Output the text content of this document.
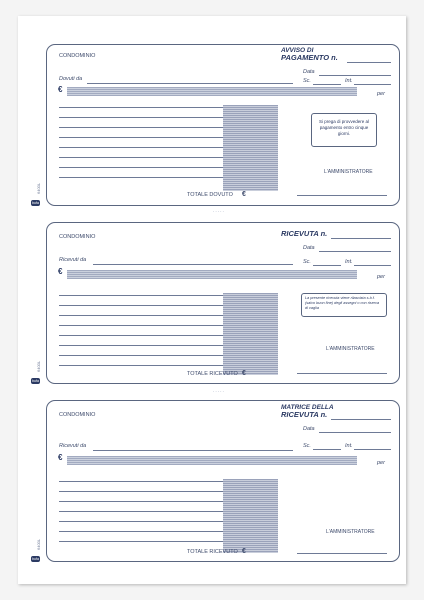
CONDOMINIO
AVVISO DI
PAGAMENTO n.
Data
Dovuti da	Sc.	Int.
€	per
TOTALE DOVUTO €
Si prega di provvedere al pagamento entro cinque giorni.
L'AMMINISTRATORE
.....
CONDOMINIO	RICEVUTA n.
Data
Ricevuti da	Sc.	Int.
€
per
TOTALE RICEVUTO €
La presente ricevuta viene rilasciata s.b.f. (salvo buon fine) degli assegni o con riserva di vaglia
L'AMMINISTRATORE
.....
CONDOMINIO
MATRICE DELLA
RICEVUTA n.
Data
Ricevuti da	Sc.	Int.
€
per
TOTALE RICEVUTO €
L'AMMINISTRATORE
6400L
bufa
6400L
bufa
6400L
bufa
